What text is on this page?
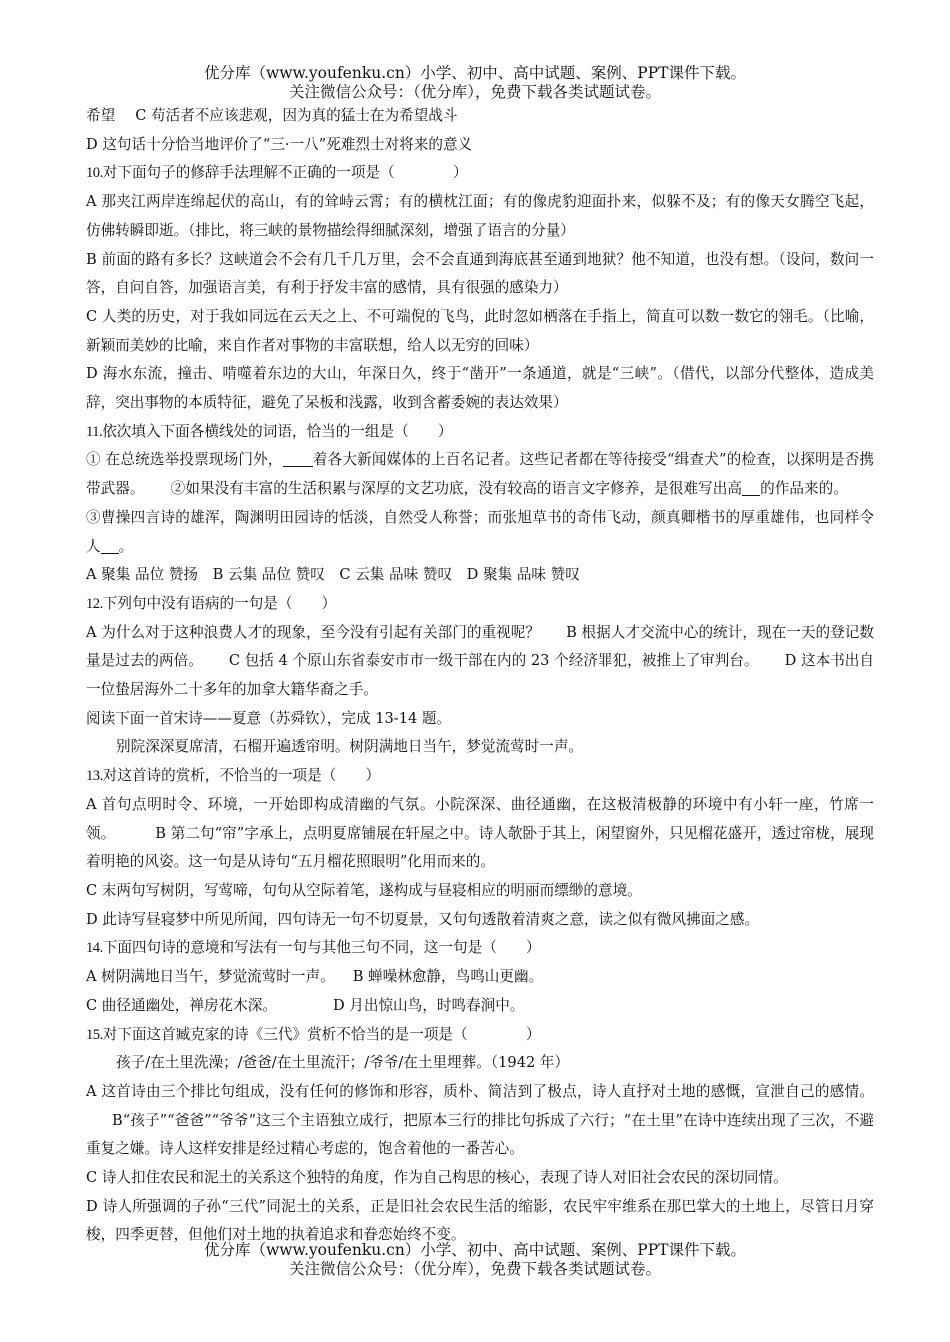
优分库（www.youfenku.cn）小学、初中、高中试题、案例、PPT课件下载。
关注微信公众号：（优分库），免费下载各类试题试卷。

希望 C 苟活者不应该悲观，因为真的猛士在为希望战斗

D 这句话十分恰当地评价了“三·一八”死难烈士对将来的意义

10.对下面句子的修辞手法理解不正确的一项是（　　　　）

A 那夹江两岸连绵起伏的高山，有的耸峙云霄；有的横枕江面；有的像虎豹迎面扑来，似躲不及；有的像天女腾空飞起，仿佛转瞬即逝。（排比，将三峡的景物描绘得细腻深刻，增强了语言的分量）

B 前面的路有多长？这峡道会不会有几千几万里，会不会直通到海底甚至通到地狱？他不知道，也没有想。（设问，数问一答，自问自答，加强语言美，有利于抒发丰富的感情，具有很强的感染力）

C 人类的历史，对于我如同远在云天之上、不可端倪的飞鸟，此时忽如栖落在手指上，简直可以数一数它的翎毛。（比喻，新颖而美妙的比喻，来自作者对事物的丰富联想，给人以无穷的回味）

D 海水东流，撞击、啃噬着东边的大山，年深日久，终于“凿开”一条通道，就是“三峡”。（借代，以部分代整体，造成美辞，突出事物的本质特征，避免了呆板和浅露，收到含蓄委婉的表达效果）

11.依次填入下面各横线处的词语，恰当的一组是（　　）

① 在总统选举投票现场门外， 着各大新闻媒体的上百名记者。这些记者都在等待接受“缉查犬”的检查，以探明是否携带武器。 ②如果没有丰富的生活积累与深厚的文艺功底，没有较高的语言文字修养，是很难写出高 的作品来的。③曹操四言诗的雄浑，陶渊明田园诗的恬淡，自然受人称誉；而张旭草书的奇伟飞动，颜真卿楷书的厚重雄伟，也同样令人 。

A 聚集 品位 赞扬　B 云集 品位 赞叹　C 云集 品味 赞叹　D 聚集 品味 赞叹

12.下列句中没有语病的一句是（　　）

A 为什么对于这种浪费人才的现象，至今没有引起有关部门的重视呢？ B 根据人才交流中心的统计，现在一天的登记数量是过去的两倍。 C 包括 4 个原山东省泰安市市一级干部在内的 23 个经济罪犯，被推上了审判台。 D 这本书出自一位蛰居海外二十多年的加拿大籍华裔之手。

阅读下面一首宋诗——夏意（苏舜钦），完成 13-14 题。

别院深深夏席清，石榴开遍透帘明。树阴满地日当午，梦觉流莺时一声。

13.对这首诗的赏析，不恰当的一项是（　　）

A 首句点明时令、环境，一开始即构成清幽的气氛。小院深深、曲径通幽，在这极清极静的环境中有小轩一座，竹席一领。	B 第二句“帘”字承上，点明夏席铺展在轩屋之中。诗人欹卧于其上，闲望窗外，只见榴花盛开，透过帘栊，展现着明艳的风姿。这一句是从诗句“五月榴花照眼明”化用而来的。

C 末两句写树阴，写莺啼，句句从空际着笔，遂构成与昼寝相应的明丽而缥缈的意境。

D 此诗写昼寝梦中所见所闻，四句诗无一句不切夏景，又句句透散着清爽之意，读之似有微风拂面之感。

14.下面四句诗的意境和写法有一句与其他三句不同，这一句是（　　）

A 树阴满地日当午，梦觉流莺时一声。 B 蝉噪林愈静，鸟鸣山更幽。

C 曲径通幽处，禅房花木深。	D 月出惊山鸟，时鸣春涧中。

15.对下面这首臧克家的诗《三代》赏析不恰当的是一项是（　　　　）

孩子/在土里洗澡；/爸爸/在土里流汗；/爷爷/在土里埋葬。（1942 年）

A 这首诗由三个排比句组成，没有任何的修饰和形容，质朴、简洁到了极点，诗人直抒对土地的感慨，宣泄自己的感情。B“孩子”“爸爸”“爷爷”这三个主语独立成行，把原本三行的排比句拆成了六行；“在土里”在诗中连续出现了三次，不避重复之嫌。诗人这样安排是经过精心考虑的，饱含着他的一番苦心。

C 诗人扣住农民和泥土的关系这个独特的角度，作为自己构思的核心，表现了诗人对旧社会农民的深切同情。

D 诗人所强调的子孙“三代”同泥土的关系，正是旧社会农民生活的缩影，农民牢牢维系在那巴掌大的土地上，尽管日月穿梭，四季更替，但他们对土地的执着追求和眷恋始终不变。

优分库（www.youfenku.cn）小学、初中、高中试题、案例、PPT课件下载。
关注微信公众号：（优分库），免费下载各类试题试卷。
